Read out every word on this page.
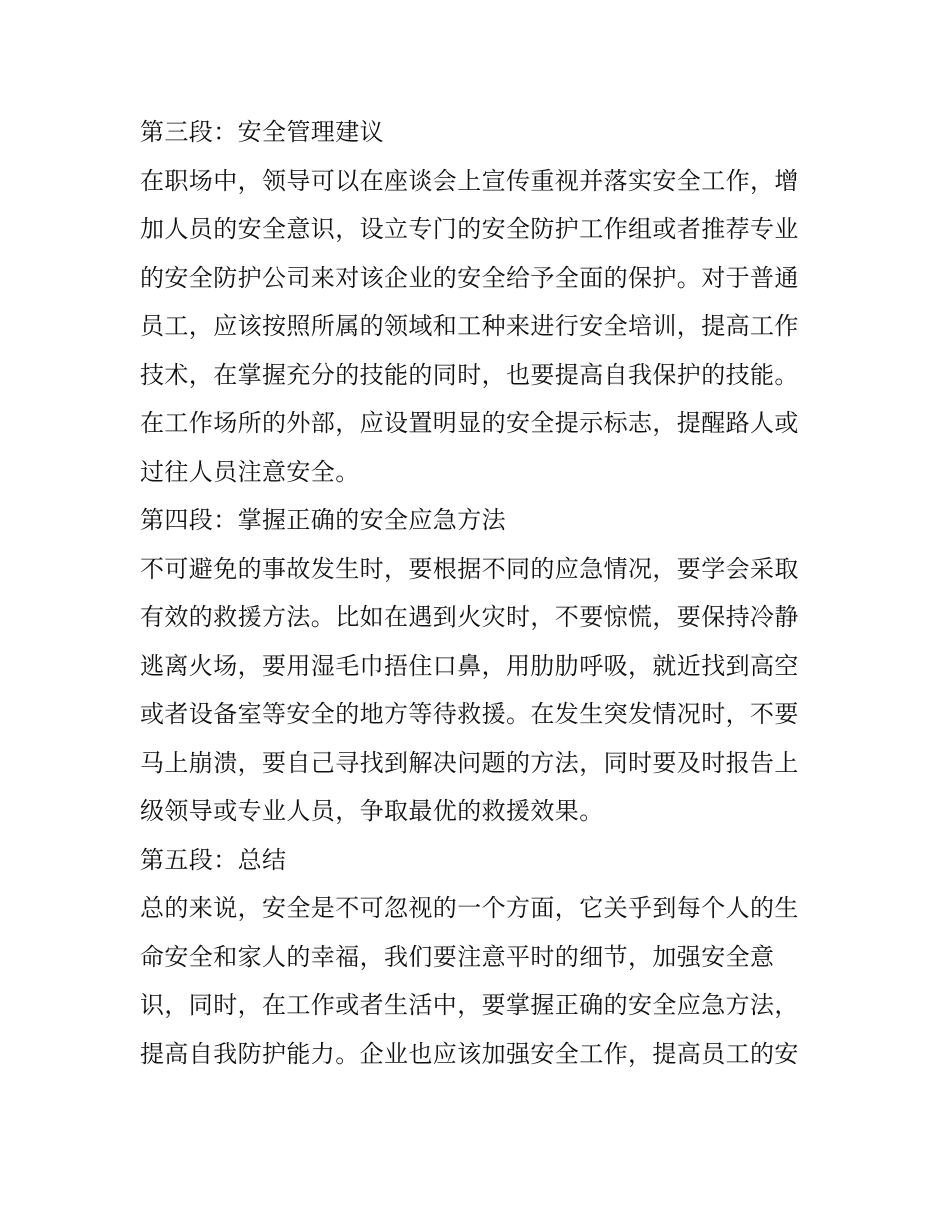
第三段：安全管理建议
在职场中，领导可以在座谈会上宣传重视并落实安全工作，增
加人员的安全意识，设立专门的安全防护工作组或者推荐专业
的安全防护公司来对该企业的安全给予全面的保护。对于普通
员工，应该按照所属的领域和工种来进行安全培训，提高工作
技术，在掌握充分的技能的同时，也要提高自我保护的技能。
在工作场所的外部，应设置明显的安全提示标志，提醒路人或
过往人员注意安全。
第四段：掌握正确的安全应急方法
不可避免的事故发生时，要根据不同的应急情况，要学会采取
有效的救援方法。比如在遇到火灾时，不要惊慌，要保持冷静
逃离火场，要用湿毛巾捂住口鼻，用肋肋呼吸，就近找到高空
或者设备室等安全的地方等待救援。在发生突发情况时，不要
马上崩溃，要自己寻找到解决问题的方法，同时要及时报告上
级领导或专业人员，争取最优的救援效果。
第五段：总结
总的来说，安全是不可忽视的一个方面，它关乎到每个人的生
命安全和家人的幸福，我们要注意平时的细节，加强安全意
识，同时，在工作或者生活中，要掌握正确的安全应急方法，
提高自我防护能力。企业也应该加强安全工作，提高员工的安
